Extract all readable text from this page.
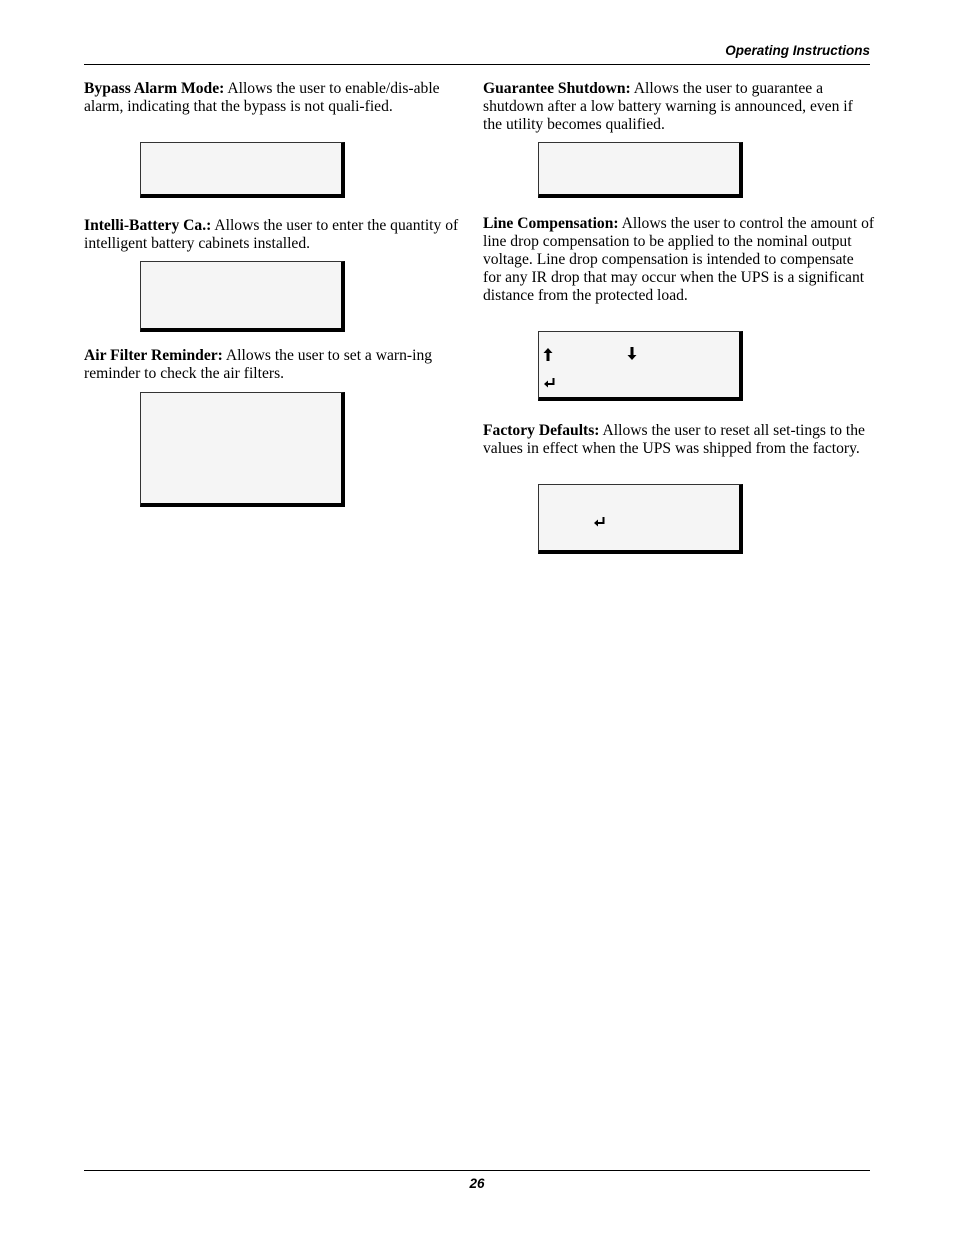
Operating Instructions

Bypass Alarm Mode: Allows the user to enable/dis-able alarm, indicating that the bypass is not quali-fied.

Intelli-Battery Ca.: Allows the user to enter the quantity of intelligent battery cabinets installed.

Air Filter Reminder: Allows the user to set a warn-ing reminder to check the air filters.

Guarantee Shutdown: Allows the user to guarantee a shutdown after a low battery warning is announced, even if the utility becomes qualified.

Line Compensation: Allows the user to control the amount of line drop compensation to be applied to the nominal output voltage. Line drop compensation is intended to compensate for any IR drop that may occur when the UPS is a significant distance from the protected load.

Factory Defaults: Allows the user to reset all set-tings to the values in effect when the UPS was shipped from the factory.

26
